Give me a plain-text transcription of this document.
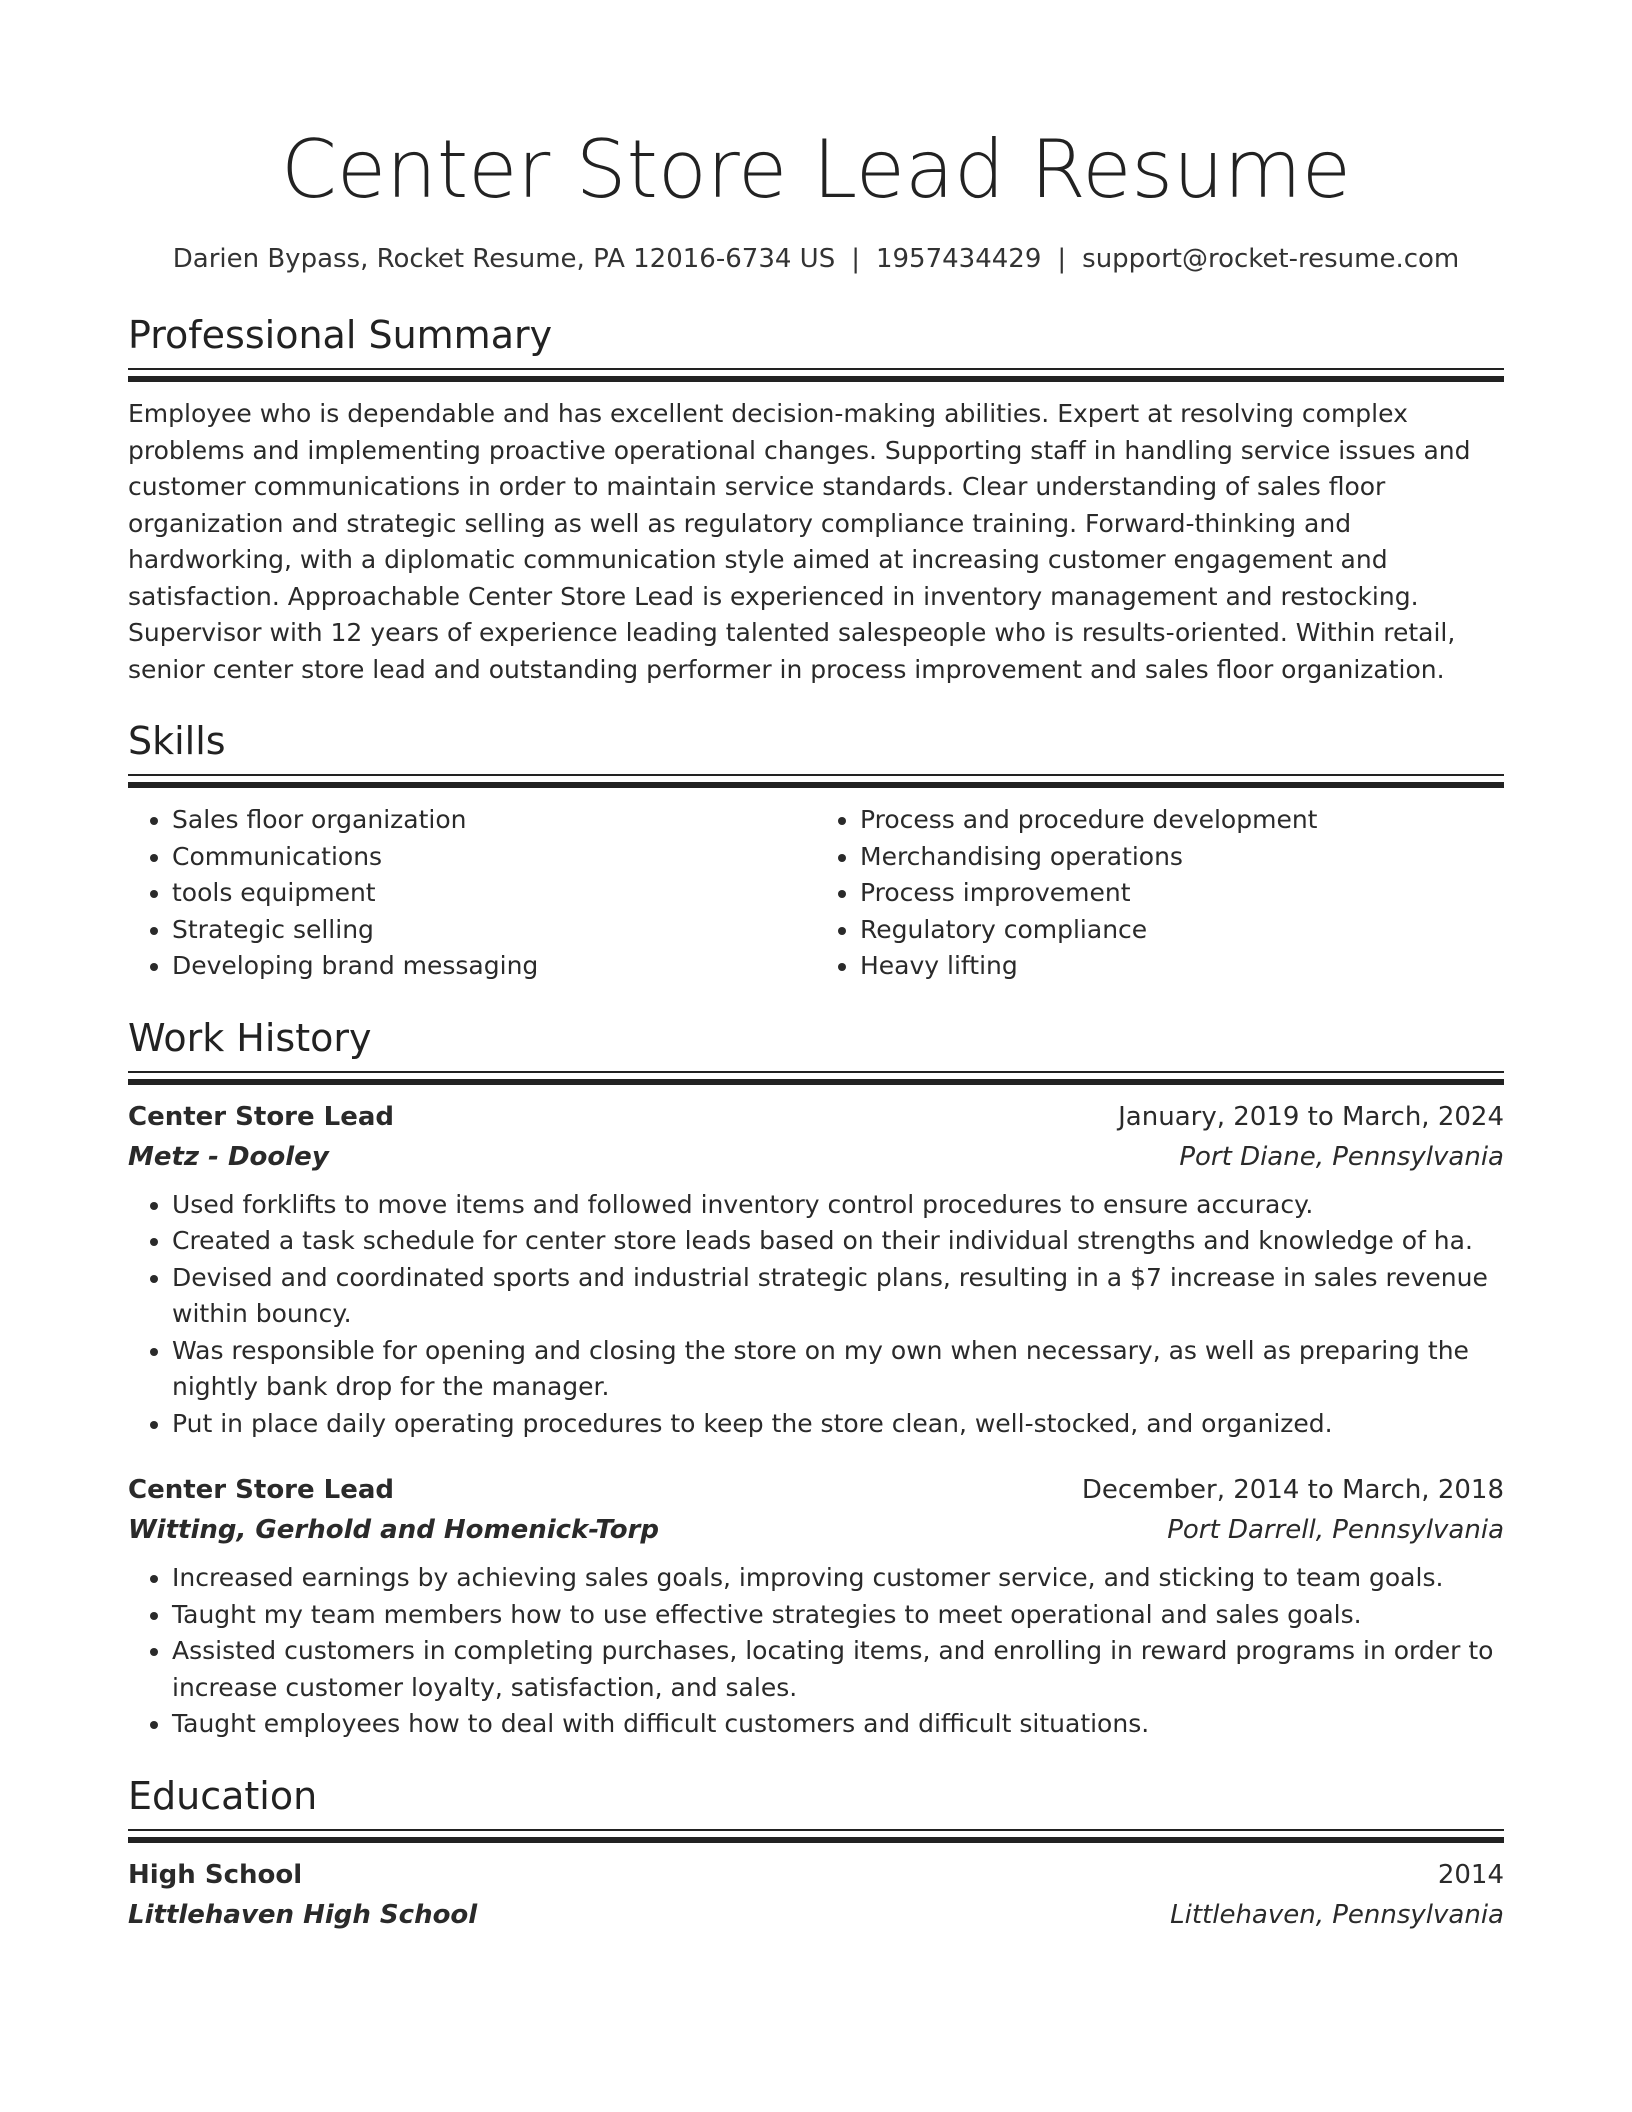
Center Store Lead Resume
Darien Bypass, Rocket Resume, PA 12016-6734 US | 1957434429 | support@rocket-resume.com
Professional Summary

Employee who is dependable and has excellent decision-making abilities. Expert at resolving complex problems and implementing proactive operational changes. Supporting staff in handling service issues and customer communications in order to maintain service standards. Clear understanding of sales floor organization and strategic selling as well as regulatory compliance training. Forward-thinking and hardworking, with a diplomatic communication style aimed at increasing customer engagement and satisfaction. Approachable Center Store Lead is experienced in inventory management and restocking. Supervisor with 12 years of experience leading talented salespeople who is results-oriented. Within retail, senior center store lead and outstanding performer in process improvement and sales floor organization.

Skills
• Sales floor organization
• Communications
• tools equipment
• Strategic selling
• Developing brand messaging
• Process and procedure development
• Merchandising operations
• Process improvement
• Regulatory compliance
• Heavy lifting
Work History
Center Store Lead	January, 2019 to March, 2024
Metz - Dooley	Port Diane, Pennsylvania
• Used forklifts to move items and followed inventory control procedures to ensure accuracy.
• Created a task schedule for center store leads based on their individual strengths and knowledge of ha.
• Devised and coordinated sports and industrial strategic plans, resulting in a $7 increase in sales revenue within bouncy.
• Was responsible for opening and closing the store on my own when necessary, as well as preparing the nightly bank drop for the manager.
• Put in place daily operating procedures to keep the store clean, well-stocked, and organized.
Center Store Lead	December, 2014 to March, 2018
Witting, Gerhold and Homenick-Torp	Port Darrell, Pennsylvania
• Increased earnings by achieving sales goals, improving customer service, and sticking to team goals.
• Taught my team members how to use effective strategies to meet operational and sales goals.
• Assisted customers in completing purchases, locating items, and enrolling in reward programs in order to increase customer loyalty, satisfaction, and sales.
• Taught employees how to deal with difficult customers and difficult situations.
Education
High School	2014
Littlehaven High School	Littlehaven, Pennsylvania
